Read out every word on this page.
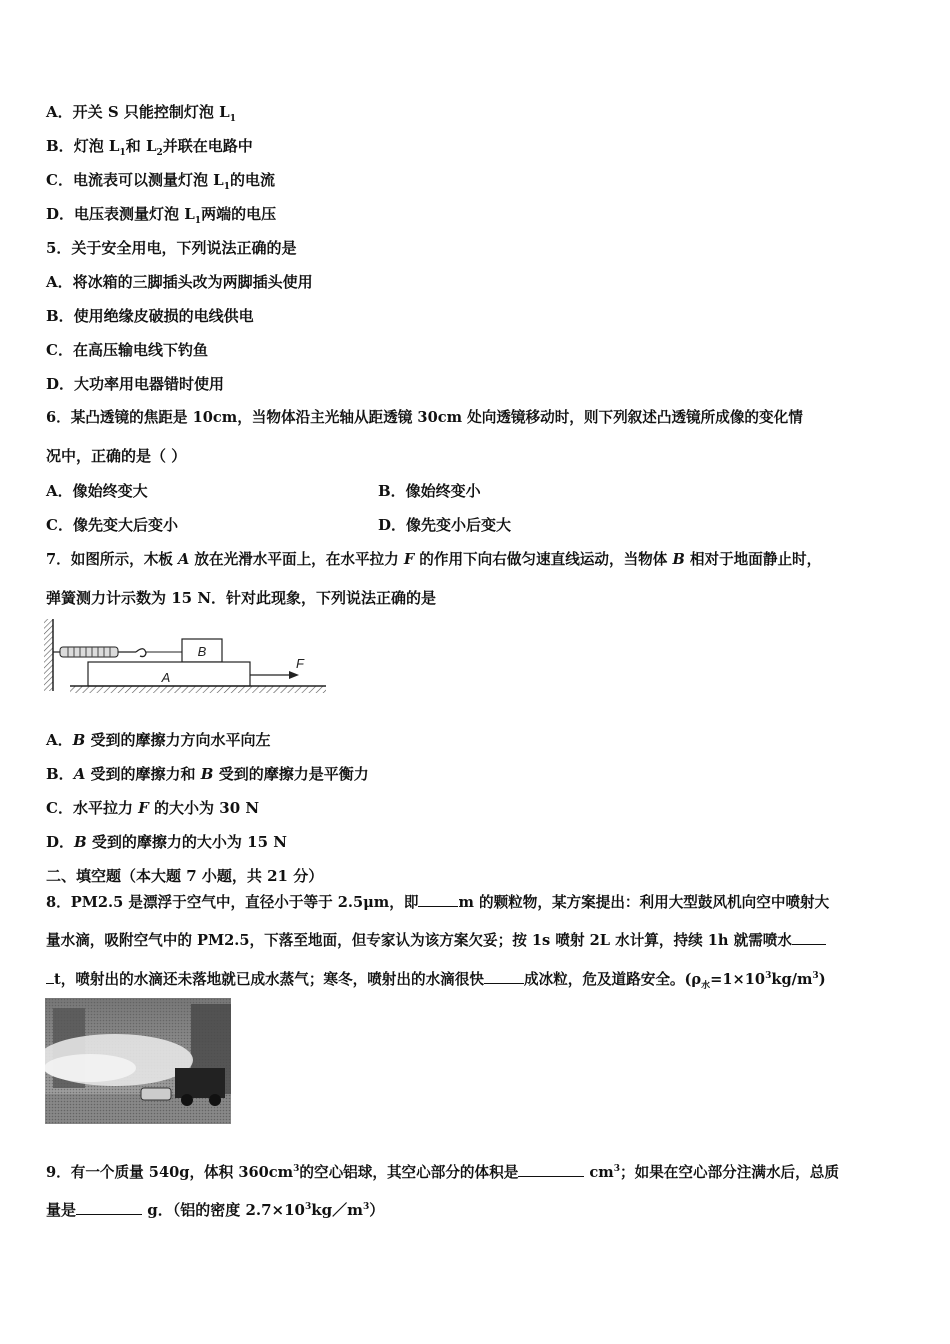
A．开关 S 只能控制灯泡 $L_1$
B．灯泡 $L_1$和 $L_2$并联在电路中
C．电流表可以测量灯泡 $L_1$的电流
D．电压表测量灯泡 $L_1$两端的电压
5．关于安全用电，下列说法正确的是
A．将冰箱的三脚插头改为两脚插头使用
B．使用绝缘皮破损的电线供电
C．在高压输电线下钓鱼
D．大功率用电器错时使用
6．某凸透镜的焦距是 10cm，当物体沿主光轴从距透镜 30cm 处向透镜移动时，则下列叙述凸透镜所成像的变化情
况中，正确的是（ ）
A．像始终变大	B．像始终变小
C．像先变大后变小	D．像先变小后变大
7．如图所示，木板 A 放在光滑水平面上，在水平拉力 F 的作用下向右做匀速直线运动，当物体 B 相对于地面静止时，
弹簧测力计示数为 15 N．针对此现象，下列说法正确的是
B
A
F
A．B 受到的摩擦力方向水平向左
B．A 受到的摩擦力和 B 受到的摩擦力是平衡力
C．水平拉力 F 的大小为 30 N
D．B 受到的摩擦力的大小为 15 N
二、填空题（本大题 7 小题，共 21 分）
8．PM2.5 是漂浮于空气中，直径小于等于 2.5μm，即	m 的颗粒物，某方案提出：利用大型鼓风机向空中喷射大
量水滴，吸附空气中的 PM2.5，下落至地面，但专家认为该方案欠妥；按 1s 喷射 2L 水计算，持续 1h 就需喷水
t，喷射出的水滴还未落地就已成水蒸气；寒冬，喷射出的水滴很快	成冰粒，危及道路安全。$(\rho_水=1\times 10^3kg/m^3)$
9．有一个质量 540g，体积 $360cm^3$的空心铝球，其空心部分的体积是	$cm^3$；如果在空心部分注满水后，总质
量是	g．（铝的密度 $2.7\times 10^3kg/m^3$）
